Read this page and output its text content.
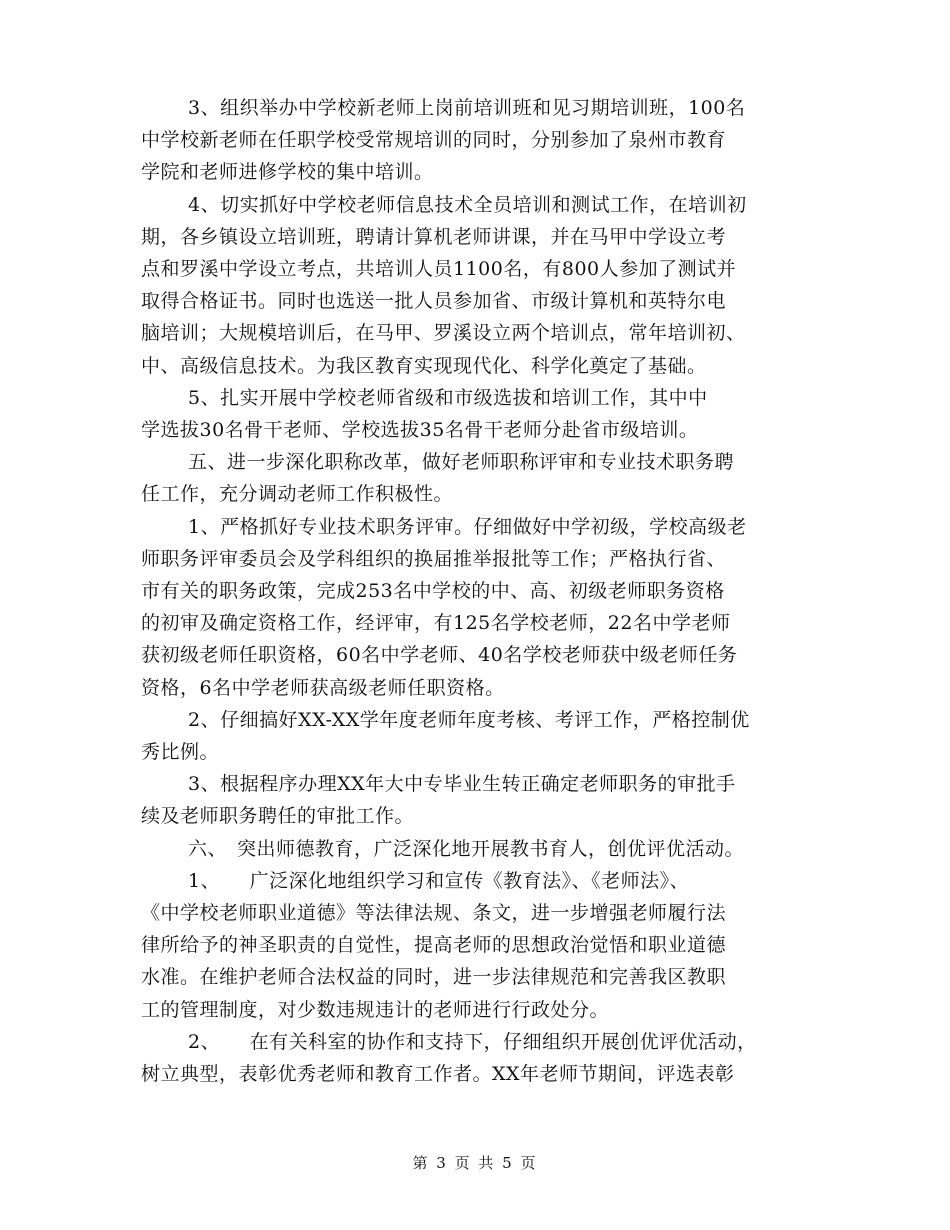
3、组织举办中学校新老师上岗前培训班和见习期培训班，100名
中学校新老师在任职学校受常规培训的同时，分别参加了泉州市教育
学院和老师进修学校的集中培训。
4、切实抓好中学校老师信息技术全员培训和测试工作，在培训初
期，各乡镇设立培训班，聘请计算机老师讲课，并在马甲中学设立考
点和罗溪中学设立考点，共培训人员1100名，有800人参加了测试并
取得合格证书。同时也选送一批人员参加省、市级计算机和英特尔电
脑培训；大规模培训后，在马甲、罗溪设立两个培训点，常年培训初、
中、高级信息技术。为我区教育实现现代化、科学化奠定了基础。
5、扎实开展中学校老师省级和市级选拔和培训工作，其中中
学选拔30名骨干老师、学校选拔35名骨干老师分赴省市级培训。
五、进一步深化职称改革，做好老师职称评审和专业技术职务聘
任工作，充分调动老师工作积极性。
1、严格抓好专业技术职务评审。仔细做好中学初级，学校高级老
师职务评审委员会及学科组织的换届推举报批等工作；严格执行省、
市有关的职务政策，完成253名中学校的中、高、初级老师职务资格
的初审及确定资格工作，经评审，有125名学校老师，22名中学老师
获初级老师任职资格，60名中学老师、40名学校老师获中级老师任务
资格，6名中学老师获高级老师任职资格。
2、仔细搞好XX-XX学年度老师年度考核、考评工作，严格控制优
秀比例。
3、根据程序办理XX年大中专毕业生转正确定老师职务的审批手
续及老师职务聘任的审批工作。
六、　突出师德教育，广泛深化地开展教书育人，创优评优活动。
1、　　广泛深化地组织学习和宣传《教育法》、《老师法》、
《中学校老师职业道德》等法律法规、条文，进一步增强老师履行法
律所给予的神圣职责的自觉性，提高老师的思想政治觉悟和职业道德
水准。在维护老师合法权益的同时，进一步法律规范和完善我区教职
工的管理制度，对少数违规违计的老师进行行政处分。
第 3 页 共 5 页
2、　　在有关科室的协作和支持下，仔细组织开展创优评优活动，
树立典型，表彰优秀老师和教育工作者。XX年老师节期间，评选表彰
